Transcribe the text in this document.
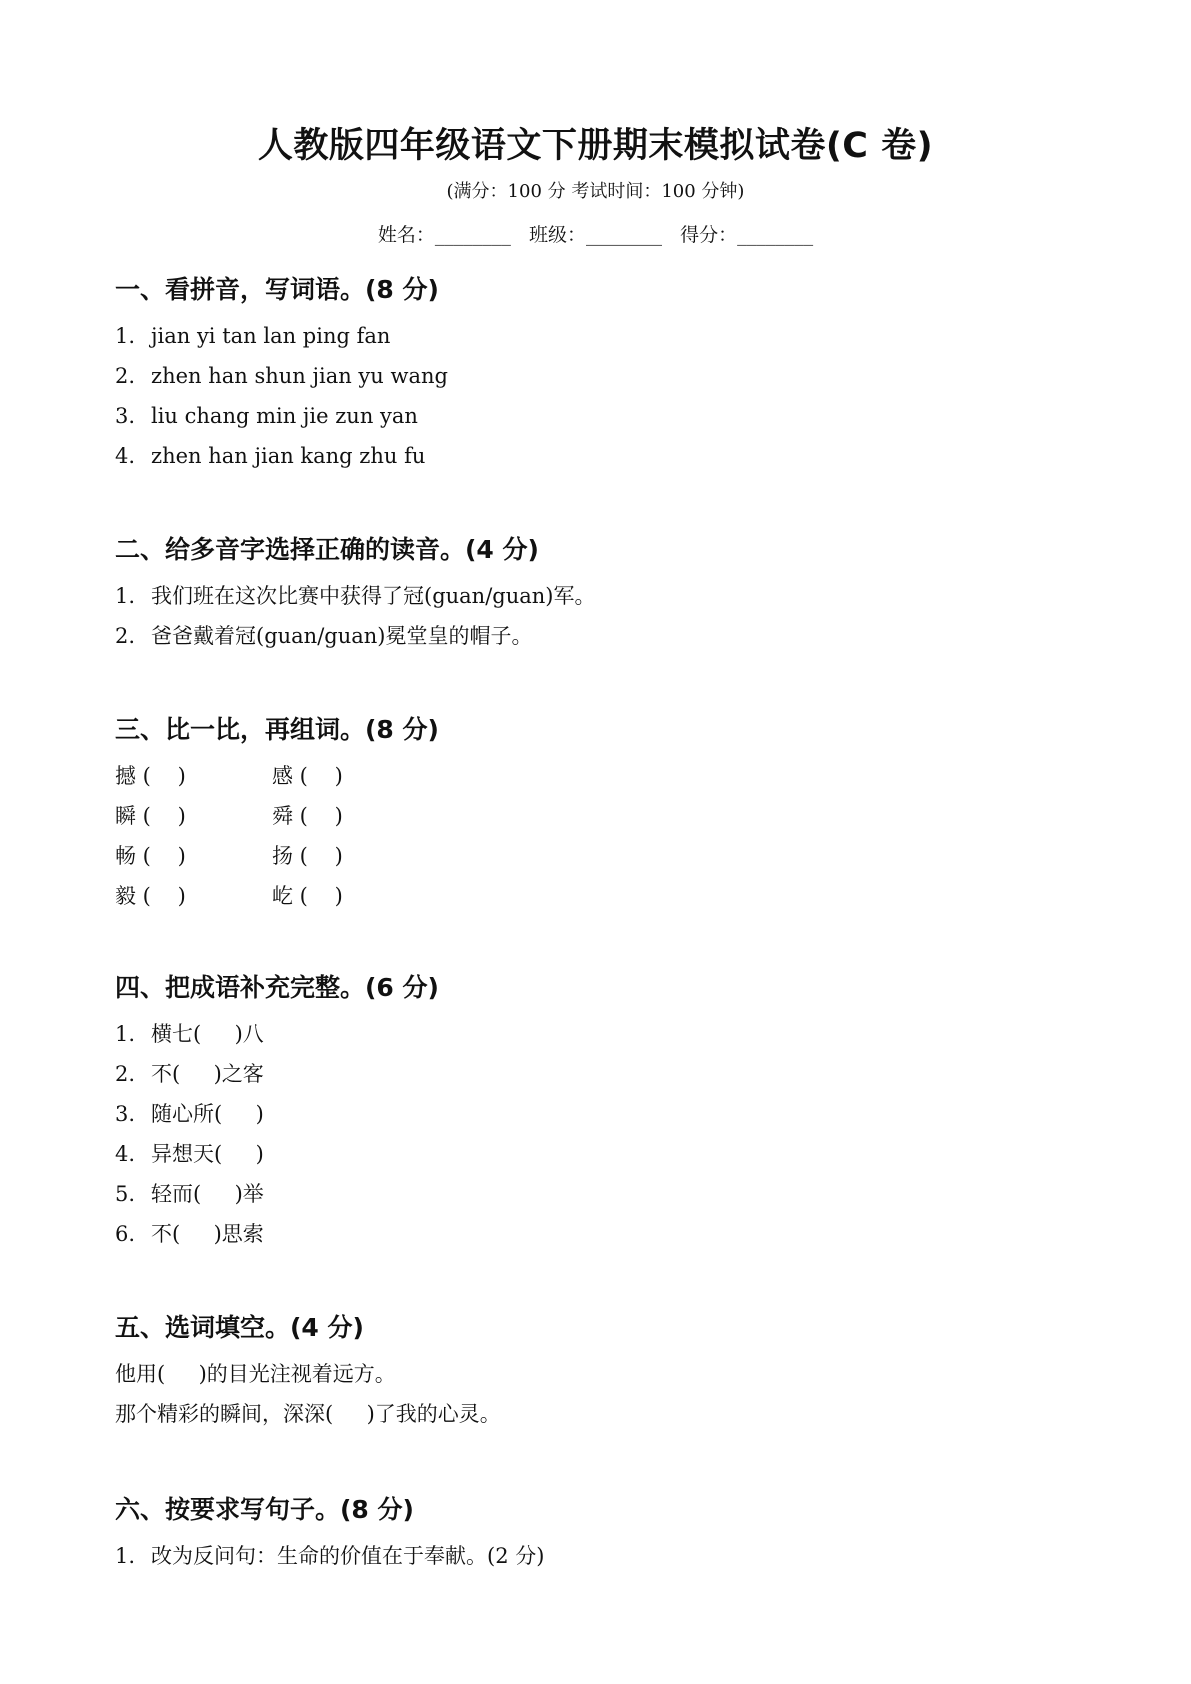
人教版四年级语文下册期末模拟试卷(C 卷)
(满分：100 分 考试时间：100 分钟)
姓名：________   班级：________   得分：________
一、看拼音，写词语。(8 分)
1. jian yi tan lan ping fan
2. zhen han shun jian yu wang
3. liu chang min jie zun yan
4. zhen han jian kang zhu fu
二、给多音字选择正确的读音。(4 分)
1. 我们班在这次比赛中获得了冠(guan/guan)军。
2. 爸爸戴着冠(guan/guan)冕堂皇的帽子。
三、比一比，再组词。(8 分)
撼 (    )	感 (    )
瞬 (    )	舜 (    )
畅 (    )	扬 (    )
毅 (    )	屹 (    )
四、把成语补充完整。(6 分)
1. 横七(     )八
2. 不(     )之客
3. 随心所(     )
4. 异想天(     )
5. 轻而(     )举
6. 不(     )思索
五、选词填空。(4 分)
他用(     )的目光注视着远方。
那个精彩的瞬间，深深(     )了我的心灵。
六、按要求写句子。(8 分)
1. 改为反问句：生命的价值在于奉献。(2 分)
